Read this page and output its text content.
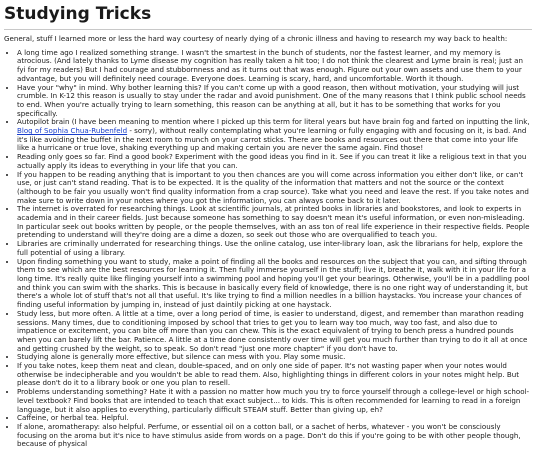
Studying Tricks

General, stuff I learned more or less the hard way courtesy of nearly dying of a chronic illness and having to research my way back to health:

• A long time ago I realized something strange. I wasn't the smartest in the bunch of students, nor the fastest learner, and my memory is atrocious. (And lately thanks to Lyme disease my cognition has really taken a hit too; I do not think the clearest and Lyme brain is real; just an fyi for my readers) But I had courage and stubbornness and as it turns out that was enough. Figure out your own assets and use them to your advantage, but you will definitely need courage. Everyone does. Learning is scary, hard, and uncomfortable. Worth it though.
• Have your "why" in mind. Why bother learning this? If you can't come up with a good reason, then without motivation, your studying will just crumble. In K-12 this reason is usually to stay under the radar and avoid punishment. One of the many reasons that I think public school needs to end. When you're actually trying to learn something, this reason can be anything at all, but it has to be something that works for you specifically.
• Autopilot brain (I have been meaning to mention where I picked up this term for literal years but have brain fog and farted on inputting the link, Blog of Sophia Chua-Rubenfeld - sorry), without really contemplating what you're learning or fully engaging with and focusing on it, is bad. And it's like avoiding the buffet in the next room to munch on your carrot sticks. There are books and resources out there that come into your life like a hurricane or true love, shaking everything up and making certain you are never the same again. Find those!
• Reading only goes so far. Find a good book? Experiment with the good ideas you find in it. See if you can treat it like a religious text in that you actually apply its ideas to everything in your life that you can.
• If you happen to be reading anything that is important to you then chances are you will come across information you either don't like, or can't use, or just can't stand reading. That is to be expected. It is the quality of the information that matters and not the source or the context (although to be fair you usually won't find quality information from a crap source). Take what you need and leave the rest. If you take notes and make sure to write down in your notes where you got the information, you can always come back to it later.
• The internet is overrated for researching things. Look at scientific journals, at printed books in libraries and bookstores, and look to experts in academia and in their career fields. Just because someone has something to say doesn't mean it's useful information, or even non-misleading. In particular seek out books written by people, or the people themselves, with an ass ton of real life experience in their respective fields. People pretending to understand will they're doing are a dime a dozen, so seek out those who are overqualified to teach you.
• Libraries are criminally underrated for researching things. Use the online catalog, use inter-library loan, ask the librarians for help, explore the full potential of using a library.
• Upon finding something you want to study, make a point of finding all the books and resources on the subject that you can, and sifting through them to see which are the best resources for learning it. Then fully immerse yourself in the stuff; live it, breathe it, walk with it in your life for a long time. It's really quite like flinging yourself into a swimming pool and hoping you'll get your bearings. Otherwise, you'll be in a paddling pool and think you can swim with the sharks. This is because in basically every field of knowledge, there is no one right way of understanding it, but there's a whole lot of stuff that's not all that useful. It's like trying to find a million needles in a billion haystacks. You increase your chances of finding useful information by jumping in, instead of just daintily picking at one haystack.
• Study less, but more often. A little at a time, over a long period of time, is easier to understand, digest, and remember than marathon reading sessions. Many times, due to conditioning imposed by school that tries to get you to learn way too much, way too fast, and also due to impatience or excitement, you can bite off more than you can chew. This is the exact equivalent of trying to bench press a hundred pounds when you can barely lift the bar. Patience. A little at a time done consistently over time will get you much further than trying to do it all at once and getting crushed by the weight, so to speak. So don't read "just one more chapter" if you don't have to.
• Studying alone is generally more effective, but silence can mess with you. Play some music.
• If you take notes, keep them neat and clean, double-spaced, and on only one side of paper. It's not wasting paper when your notes would otherwise be indecipherable and you wouldn't be able to read them. Also, highlighting things in different colors in your notes might help. But please don't do it to a library book or one you plan to resell.
• Problems understanding something? Hate it with a passion no matter how much you try to force yourself through a college-level or high school-level textbook? Find books that are intended to teach that exact subject... to kids. This is often recommended for learning to read in a foreign language, but it also applies to everything, particularly difficult STEAM stuff. Better than giving up, eh?
• Caffeine, or herbal tea. Helpful.
• If alone, aromatherapy: also helpful. Perfume, or essential oil on a cotton ball, or a sachet of herbs, whatever - you won't be consciously focusing on the aroma but it's nice to have stimulus aside from words on a page. Don't do this if you're going to be with other people though, because of physical
